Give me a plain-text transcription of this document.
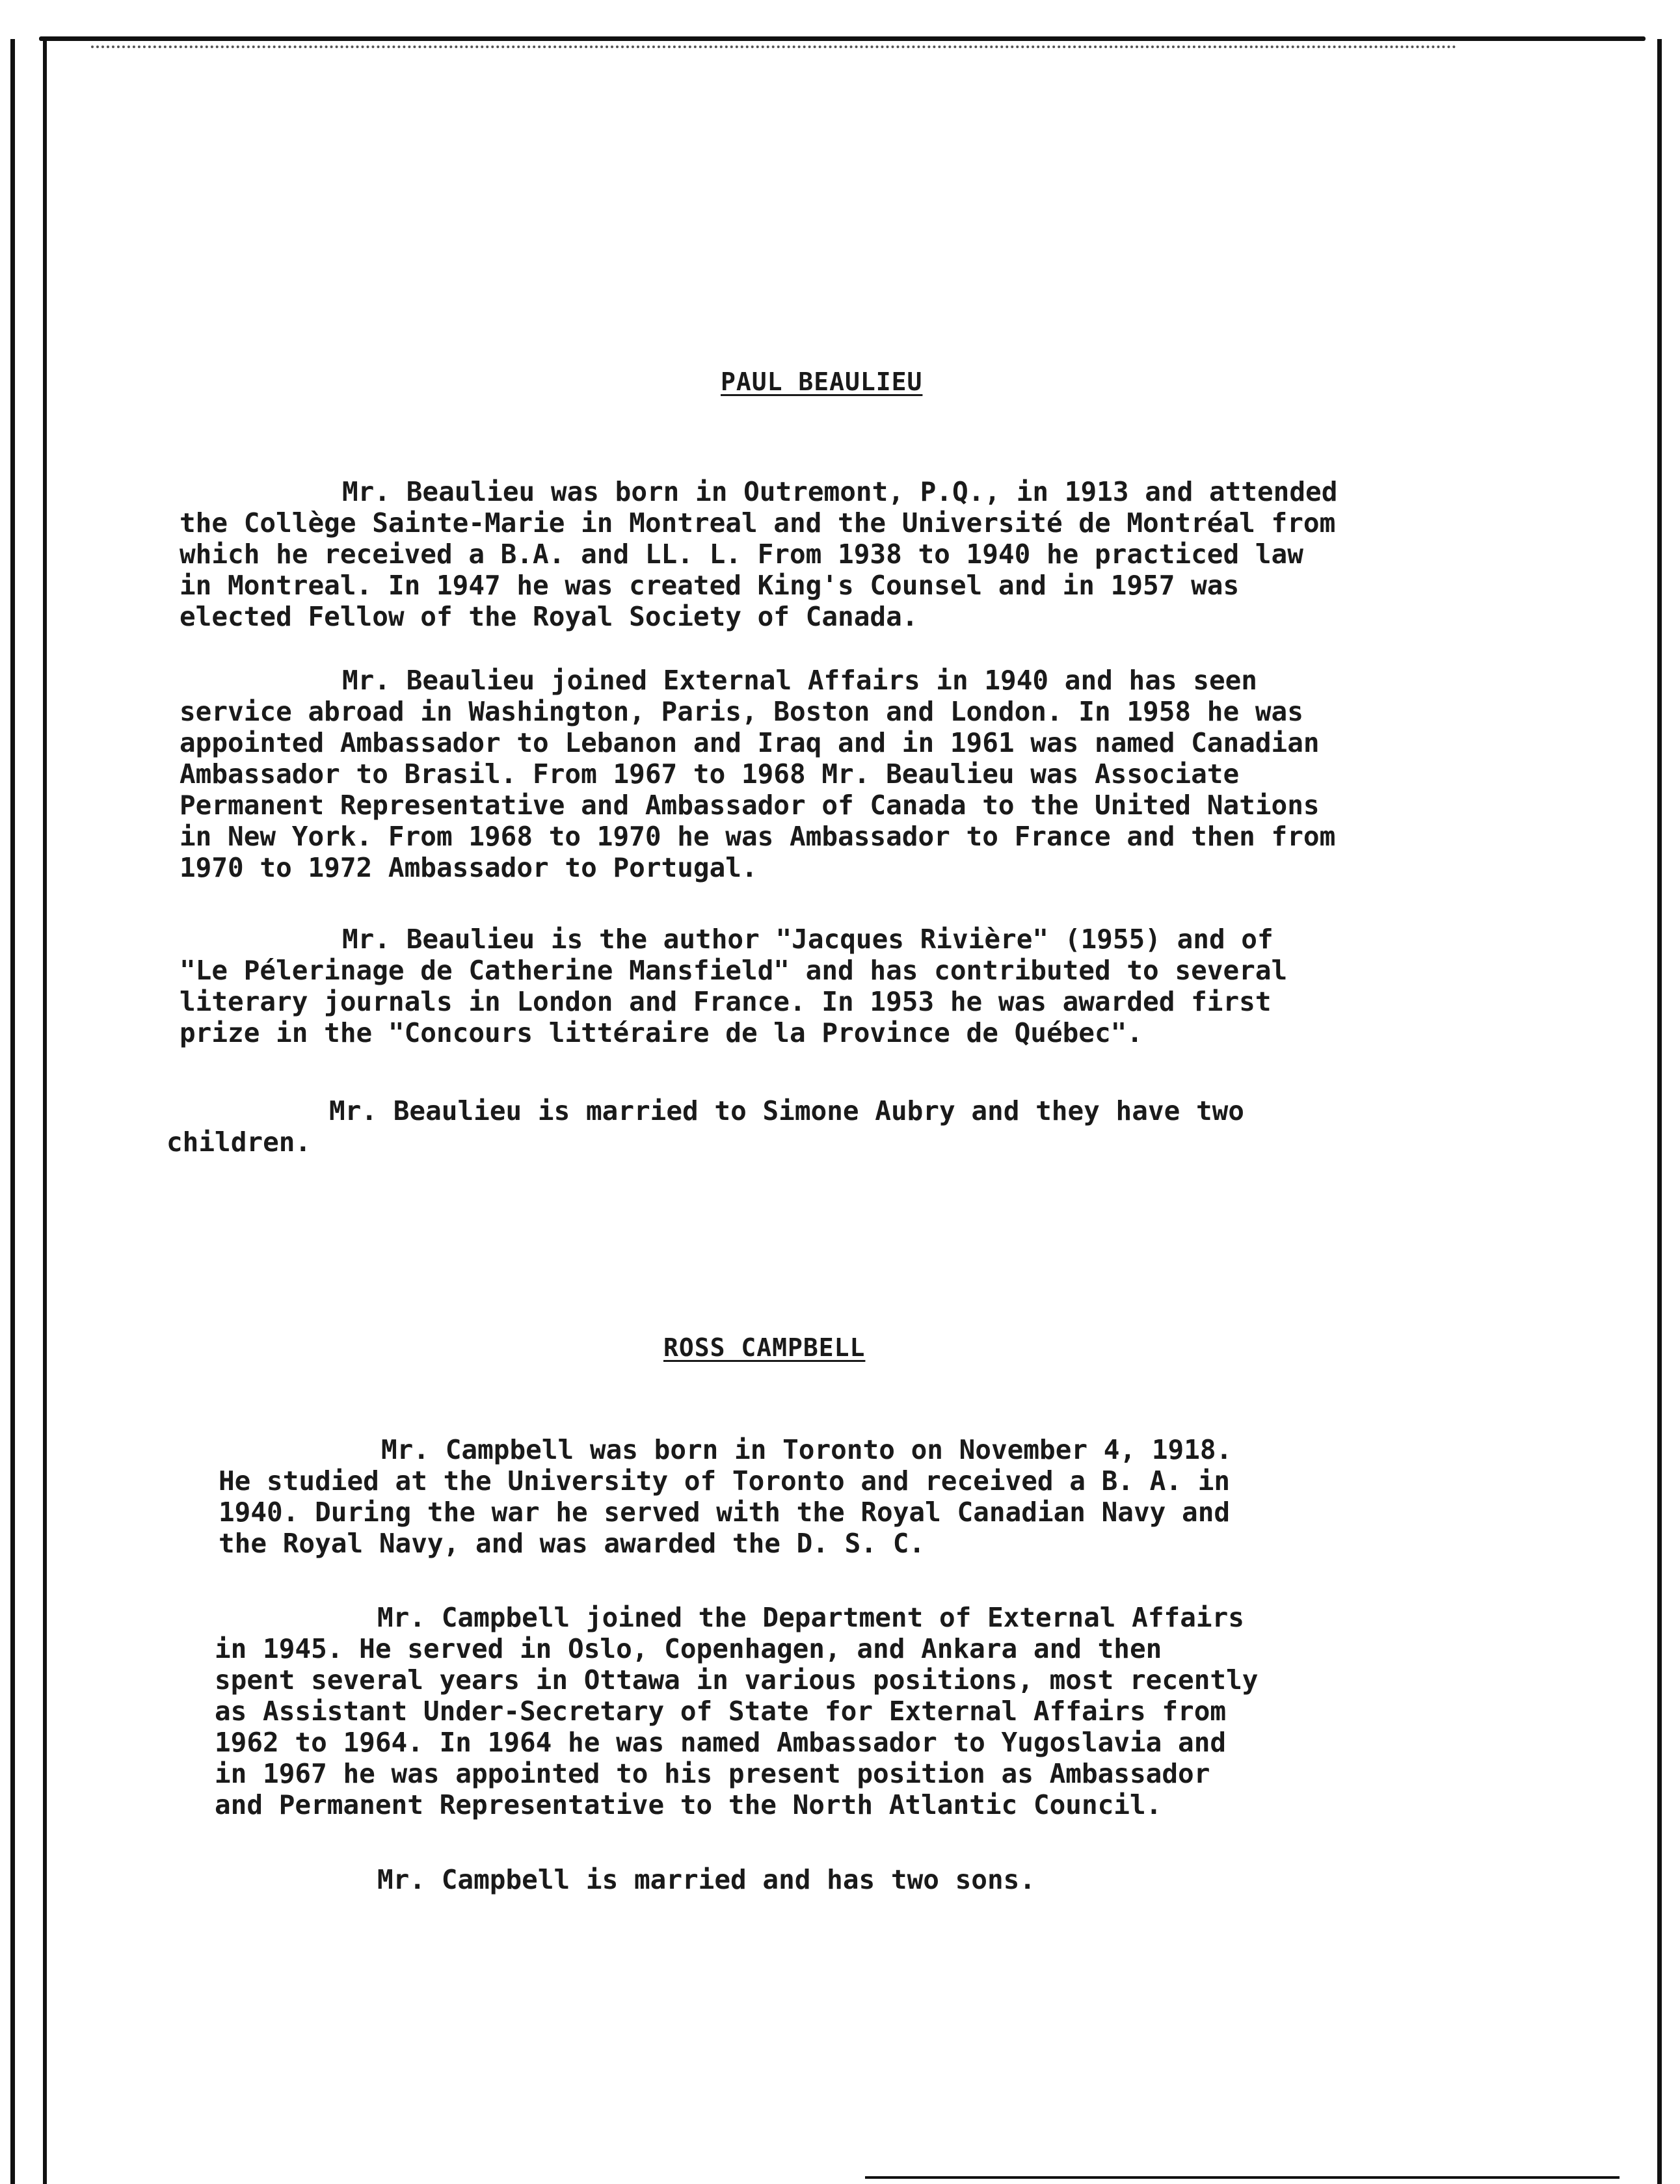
PAUL BEAULIEU

Mr. Beaulieu was born in Outremont, P.Q., in 1913 and attended
the Collège Sainte-Marie in Montreal and the Université de Montréal from
which he received a B.A. and LL. L. From 1938 to 1940 he practiced law
in Montreal. In 1947 he was created King's Counsel and in 1957 was
elected Fellow of the Royal Society of Canada.

Mr. Beaulieu joined External Affairs in 1940 and has seen
service abroad in Washington, Paris, Boston and London. In 1958 he was
appointed Ambassador to Lebanon and Iraq and in 1961 was named Canadian
Ambassador to Brasil. From 1967 to 1968 Mr. Beaulieu was Associate
Permanent Representative and Ambassador of Canada to the United Nations
in New York. From 1968 to 1970 he was Ambassador to France and then from
1970 to 1972 Ambassador to Portugal.

Mr. Beaulieu is the author "Jacques Rivière" (1955) and of
"Le Pélerinage de Catherine Mansfield" and has contributed to several
literary journals in London and France. In 1953 he was awarded first
prize in the "Concours littéraire de la Province de Québec".

Mr. Beaulieu is married to Simone Aubry and they have two
children.

ROSS CAMPBELL

Mr. Campbell was born in Toronto on November 4, 1918.
He studied at the University of Toronto and received a B. A. in
1940. During the war he served with the Royal Canadian Navy and
the Royal Navy, and was awarded the D. S. C.

Mr. Campbell joined the Department of External Affairs
in 1945. He served in Oslo, Copenhagen, and Ankara and then
spent several years in Ottawa in various positions, most recently
as Assistant Under-Secretary of State for External Affairs from
1962 to 1964. In 1964 he was named Ambassador to Yugoslavia and
in 1967 he was appointed to his present position as Ambassador
and Permanent Representative to the North Atlantic Council.

Mr. Campbell is married and has two sons.
